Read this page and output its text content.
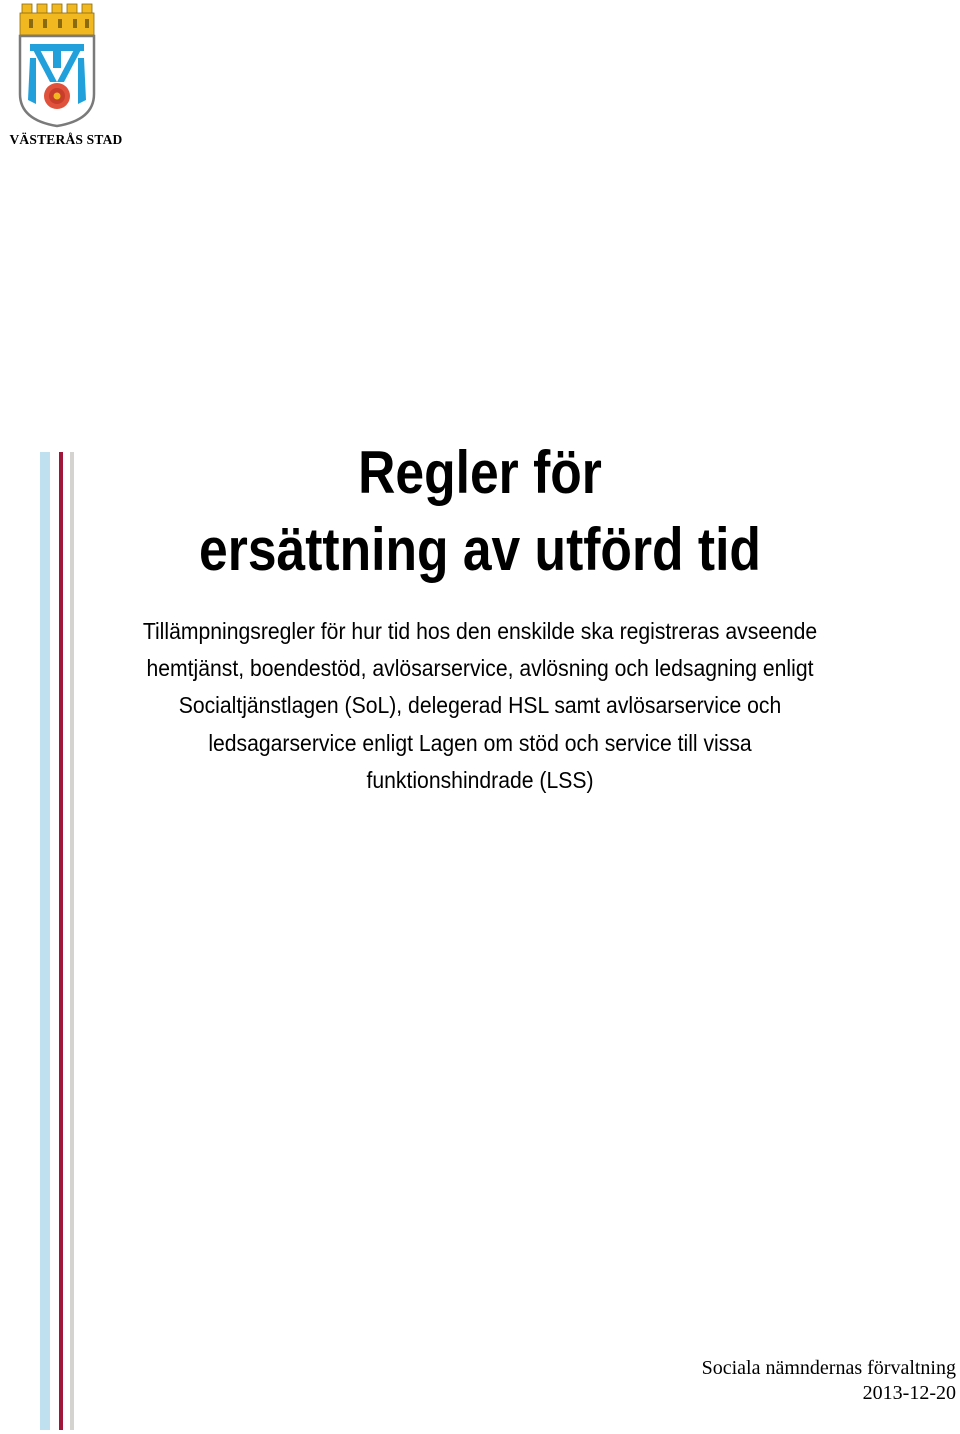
VÄSTERÅS STAD
Regler för
ersättning av utförd tid

Tillämpningsregler för hur tid hos den enskilde ska registreras avseende

hemtjänst, boendestöd, avlösarservice, avlösning och ledsagning enligt

Socialtjänstlagen (SoL), delegerad HSL samt avlösarservice och

ledsagarservice enligt Lagen om stöd och service till vissa

funktionshindrade (LSS)

Sociala nämndernas förvaltning

2013-12-20
